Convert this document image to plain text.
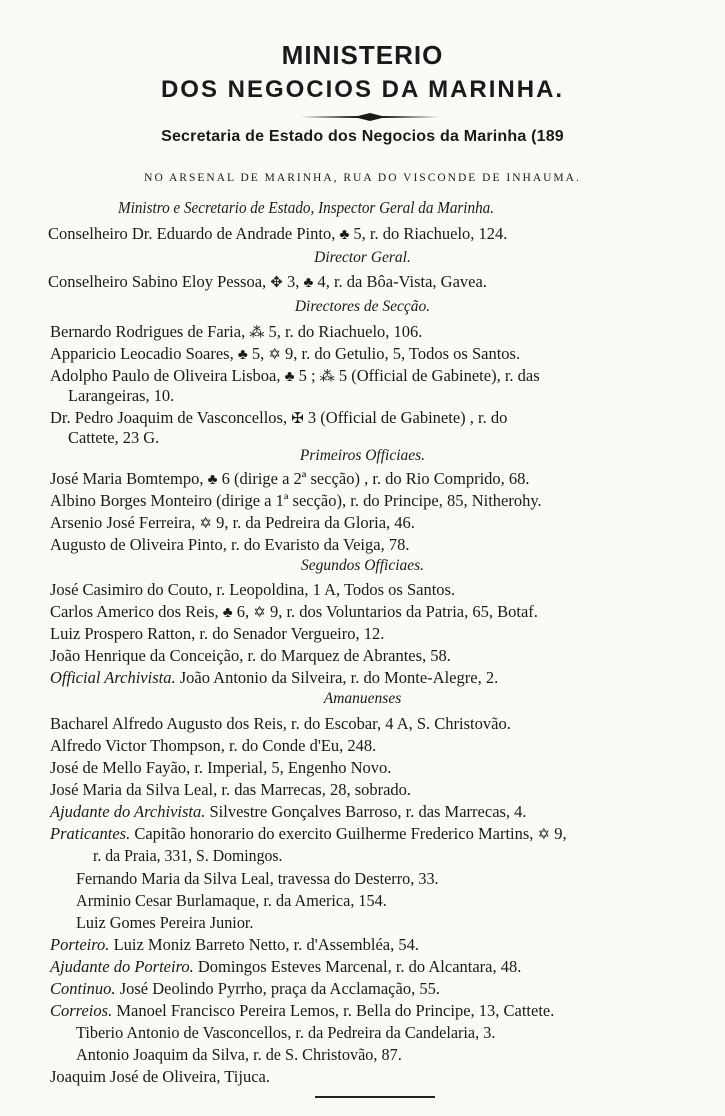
MINISTERIO
DOS NEGOCIOS DA MARINHA.
Secretaria de Estado dos Negocios da Marinha (189
NO ARSENAL DE MARINHA, RUA DO VISCONDE DE INHAUMA.
Ministro e Secretario de Estado, Inspector Geral da Marinha.
Conselheiro Dr. Eduardo de Andrade Pinto, ♣ 5, r. do Riachuelo, 124.
Director Geral.
Conselheiro Sabino Eloy Pessoa, ✥ 3, ♣ 4, r. da Bôa-Vista, Gavea.
Directores de Secção.
Bernardo Rodrigues de Faria, ⁂ 5, r. do Riachuelo, 106.
Apparicio Leocadio Soares, ♣ 5, ✡ 9, r. do Getulio, 5, Todos os Santos.
Adolpho Paulo de Oliveira Lisboa, ♣ 5 ; ⁂ 5 (Official de Gabinete), r. das
Larangeiras, 10.
Dr. Pedro Joaquim de Vasconcellos, ✠ 3 (Official de Gabinete) , r. do
Cattete, 23 G.
Primeiros Officiaes.
José Maria Bomtempo, ♣ 6 (dirige a 2ª secção) , r. do Rio Comprido, 68.
Albino Borges Monteiro (dirige a 1ª secção), r. do Principe, 85, Nitherohy.
Arsenio José Ferreira, ✡ 9, r. da Pedreira da Gloria, 46.
Augusto de Oliveira Pinto, r. do Evaristo da Veiga, 78.
Segundos Officiaes.
José Casimiro do Couto, r. Leopoldina, 1 A, Todos os Santos.
Carlos Americo dos Reis, ♣ 6, ✡ 9, r. dos Voluntarios da Patria, 65, Botaf.
Luiz Prospero Ratton, r. do Senador Vergueiro, 12.
João Henrique da Conceição, r. do Marquez de Abrantes, 58.
Official Archivista. João Antonio da Silveira, r. do Monte-Alegre, 2.
Amanuenses
Bacharel Alfredo Augusto dos Reis, r. do Escobar, 4 A, S. Christovão.
Alfredo Victor Thompson, r. do Conde d'Eu, 248.
José de Mello Fayão, r. Imperial, 5, Engenho Novo.
José Maria da Silva Leal, r. das Marrecas, 28, sobrado.
Ajudante do Archivista. Silvestre Gonçalves Barroso, r. das Marrecas, 4.
Praticantes. Capitão honorario do exercito Guilherme Frederico Martins, ✡ 9,
r. da Praia, 331, S. Domingos.
Fernando Maria da Silva Leal, travessa do Desterro, 33.
Arminio Cesar Burlamaque, r. da America, 154.
Luiz Gomes Pereira Junior.
Porteiro. Luiz Moniz Barreto Netto, r. d'Assembléa, 54.
Ajudante do Porteiro. Domingos Esteves Marcenal, r. do Alcantara, 48.
Continuo. José Deolindo Pyrrho, praça da Acclamação, 55.
Correios. Manoel Francisco Pereira Lemos, r. Bella do Principe, 13, Cattete.
Tiberio Antonio de Vasconcellos, r. da Pedreira da Candelaria, 3.
Antonio Joaquim da Silva, r. de S. Christovão, 87.
Joaquim José de Oliveira, Tijuca.
